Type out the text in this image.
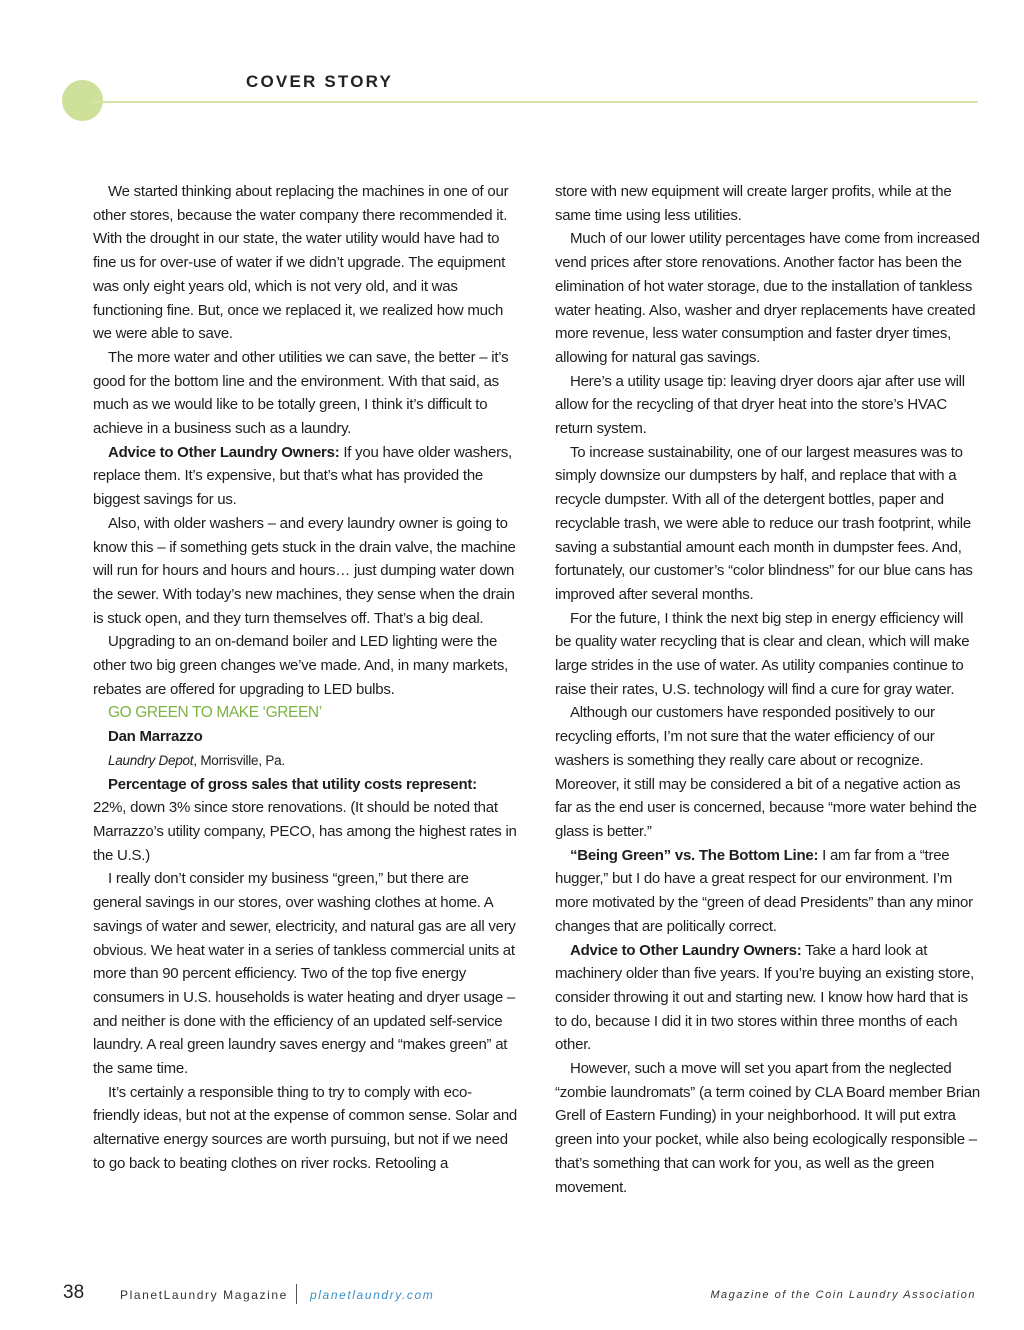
COVER STORY

We started thinking about replacing the machines in one of our other stores, because the water company there recommended it. With the drought in our state, the water utility would have had to fine us for over-use of water if we didn’t upgrade. The equipment was only eight years old, which is not very old, and it was functioning fine. But, once we replaced it, we realized how much we were able to save.

The more water and other utilities we can save, the better – it’s good for the bottom line and the environment. With that said, as much as we would like to be totally green, I think it’s difficult to achieve in a business such as a laundry.

Advice to Other Laundry Owners: If you have older washers, replace them. It’s expensive, but that’s what has provided the biggest savings for us.

Also, with older washers – and every laundry owner is going to know this – if something gets stuck in the drain valve, the machine will run for hours and hours and hours… just dumping water down the sewer. With today’s new machines, they sense when the drain is stuck open, and they turn themselves off. That’s a big deal.

Upgrading to an on-demand boiler and LED lighting were the other two big green changes we’ve made. And, in many markets, rebates are offered for upgrading to LED bulbs.

GO GREEN TO MAKE ‘GREEN’

Dan Marrazzo

Laundry Depot, Morrisville, Pa.

Percentage of gross sales that utility costs represent:

22%, down 3% since store renovations. (It should be noted that Marrazzo’s utility company, PECO, has among the highest rates in the U.S.)

I really don’t consider my business “green,” but there are general savings in our stores, over washing clothes at home. A savings of water and sewer, electricity, and natural gas are all very obvious. We heat water in a series of tankless commercial units at more than 90 percent efficiency. Two of the top five energy consumers in U.S. households is water heating and dryer usage – and neither is done with the efficiency of an updated self-service laundry. A real green laundry saves energy and “makes green” at the same time.

It’s certainly a responsible thing to try to comply with eco-friendly ideas, but not at the expense of common sense. Solar and alternative energy sources are worth pursuing, but not if we need to go back to beating clothes on river rocks. Retooling a

store with new equipment will create larger profits, while at the same time using less utilities.

Much of our lower utility percentages have come from increased vend prices after store renovations. Another factor has been the elimination of hot water storage, due to the installation of tankless water heating. Also, washer and dryer replacements have created more revenue, less water consumption and faster dryer times, allowing for natural gas savings.

Here’s a utility usage tip: leaving dryer doors ajar after use will allow for the recycling of that dryer heat into the store’s HVAC return system.

To increase sustainability, one of our largest measures was to simply downsize our dumpsters by half, and replace that with a recycle dumpster. With all of the detergent bottles, paper and recyclable trash, we were able to reduce our trash footprint, while saving a substantial amount each month in dumpster fees. And, fortunately, our customer’s “color blindness” for our blue cans has improved after several months.

For the future, I think the next big step in energy efficiency will be quality water recycling that is clear and clean, which will make large strides in the use of water. As utility companies continue to raise their rates, U.S. technology will find a cure for gray water.

Although our customers have responded positively to our recycling efforts, I’m not sure that the water efficiency of our washers is something they really care about or recognize. Moreover, it still may be considered a bit of a negative action as far as the end user is concerned, because “more water behind the glass is better.”

“Being Green” vs. The Bottom Line: I am far from a “tree hugger,” but I do have a great respect for our environment. I’m more motivated by the “green of dead Presidents” than any minor changes that are politically correct.

Advice to Other Laundry Owners: Take a hard look at machinery older than five years. If you’re buying an existing store, consider throwing it out and starting new. I know how hard that is to do, because I did it in two stores within three months of each other.

However, such a move will set you apart from the neglected “zombie laundromats” (a term coined by CLA Board member Brian Grell of Eastern Funding) in your neighborhood. It will put extra green into your pocket, while also being ecologically responsible – that’s something that can work for you, as well as the green movement.

38	PlanetLaundry Magazine planetlaundry.com	Magazine of the Coin Laundry Association
